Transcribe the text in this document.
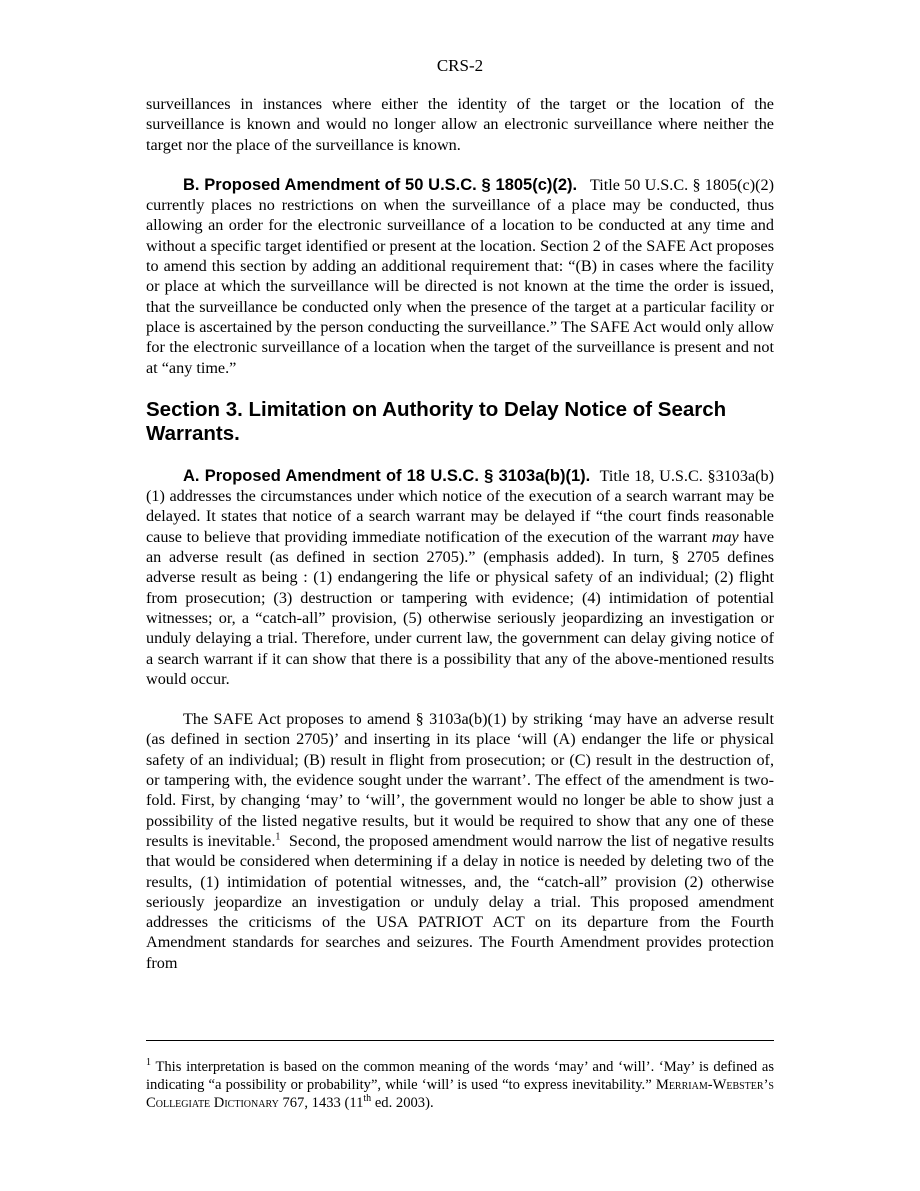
CRS-2

surveillances in instances where either the identity of the target or the location of the surveillance is known and would no longer allow an electronic surveillance where neither the target nor the place of the surveillance is known.

B. Proposed Amendment of 50 U.S.C. § 1805(c)(2). Title 50 U.S.C. § 1805(c)(2) currently places no restrictions on when the surveillance of a place may be conducted, thus allowing an order for the electronic surveillance of a location to be conducted at any time and without a specific target identified or present at the location. Section 2 of the SAFE Act proposes to amend this section by adding an additional requirement that: “(B) in cases where the facility or place at which the surveillance will be directed is not known at the time the order is issued, that the surveillance be conducted only when the presence of the target at a particular facility or place is ascertained by the person conducting the surveillance.” The SAFE Act would only allow for the electronic surveillance of a location when the target of the surveillance is present and not at “any time.”

Section 3. Limitation on Authority to Delay Notice of Search Warrants.

A. Proposed Amendment of 18 U.S.C. § 3103a(b)(1). Title 18, U.S.C. §3103a(b)(1) addresses the circumstances under which notice of the execution of a search warrant may be delayed. It states that notice of a search warrant may be delayed if “the court finds reasonable cause to believe that providing immediate notification of the execution of the warrant may have an adverse result (as defined in section 2705).” (emphasis added). In turn, § 2705 defines adverse result as being : (1) endangering the life or physical safety of an individual; (2) flight from prosecution; (3) destruction or tampering with evidence; (4) intimidation of potential witnesses; or, a “catch-all” provision, (5) otherwise seriously jeopardizing an investigation or unduly delaying a trial. Therefore, under current law, the government can delay giving notice of a search warrant if it can show that there is a possibility that any of the above-mentioned results would occur.

The SAFE Act proposes to amend § 3103a(b)(1) by striking ‘may have an adverse result (as defined in section 2705)’ and inserting in its place ‘will (A) endanger the life or physical safety of an individual; (B) result in flight from prosecution; or (C) result in the destruction of, or tampering with, the evidence sought under the warrant’. The effect of the amendment is two-fold. First, by changing ‘may’ to ‘will’, the government would no longer be able to show just a possibility of the listed negative results, but it would be required to show that any one of these results is inevitable.$^1$ Second, the proposed amendment would narrow the list of negative results that would be considered when determining if a delay in notice is needed by deleting two of the results, (1) intimidation of potential witnesses, and, the “catch-all” provision (2) otherwise seriously jeopardize an investigation or unduly delay a trial. This proposed amendment addresses the criticisms of the USA PATRIOT ACT on its departure from the Fourth Amendment standards for searches and seizures. The Fourth Amendment provides protection from

$^1$ This interpretation is based on the common meaning of the words ‘may’ and ‘will’. ‘May’ is defined as indicating “a possibility or probability”, while ‘will’ is used “to express inevitability.” Merriam-Webster’s Collegiate Dictionary 767, 1433 (11th ed. 2003).
